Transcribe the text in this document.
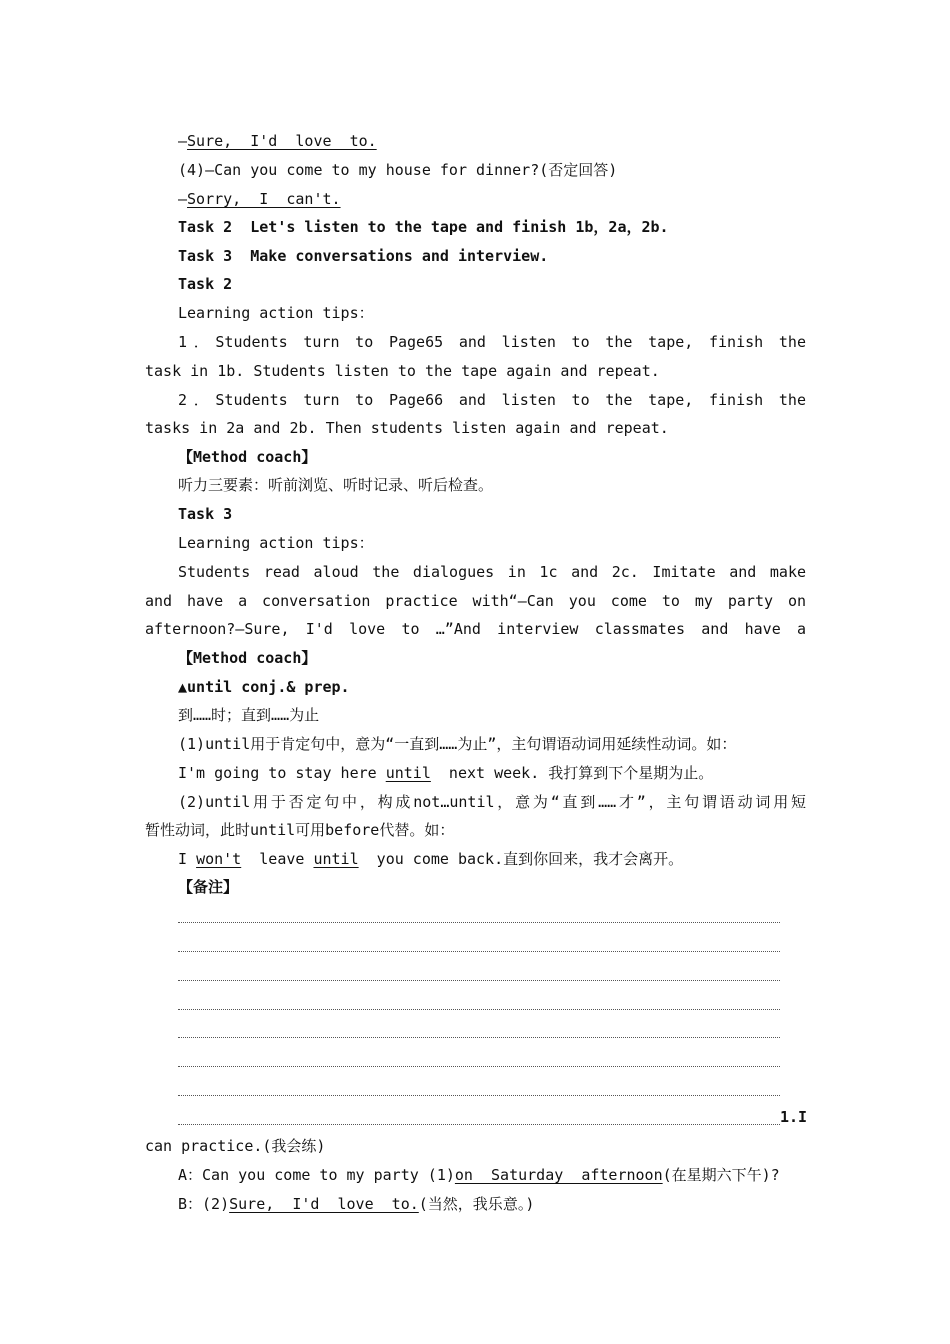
—Sure,  I'd  love  to.
(4)—Can you come to my house for dinner?(否定回答)
—Sorry,  I  can't.
Task 2  Let's listen to the tape and finish 1b，2a，2b.
Task 3  Make conversations and interview.
Task 2
Learning action tips：
1．Students turn to Page65 and listen to the tape, finish the
task in 1b. Students listen to the tape again and repeat.
2．Students turn to Page66 and listen to the tape, finish the
tasks in 2a and 2b. Then students listen again and repeat.
【Method coach】
听力三要素：听前浏览、听时记录、听后检查。
Task 3
Learning action tips：
Students read aloud the dialogues in 1c and 2c. Imitate and make
and have a conversation practice with“—Can you come to my party on
afternoon?—Sure, I'd love to …”And interview classmates and have a
【Method coach】
▲until conj.& prep.
到……时；直到……为止
(1)until用于肯定句中，意为“一直到……为止”，主句谓语动词用延续性动词。如：
I'm going to stay here until  next week. 我打算到下个星期为止。
(2)until用于否定句中，构成not…until，意为“直到……才”，主句谓语动词用短
暂性动词，此时until可用before代替。如：
I won't  leave until  you come back.直到你回来，我才会离开。
【备注】
1.I
can practice.(我会练)
A：Can you come to my party (1)on  Saturday  afternoon(在星期六下午)?
B：(2)Sure,  I'd  love  to.(当然，我乐意。)
